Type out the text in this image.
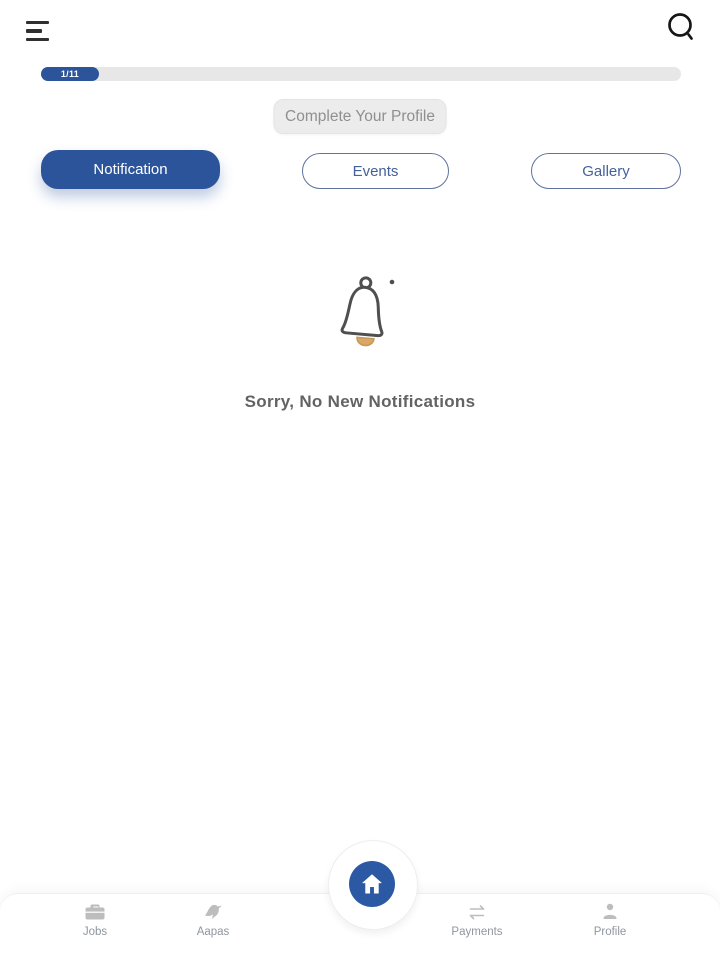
1/11
Complete Your Profile
Notification	Events	Gallery

Sorry, No New Notifications

Jobs	Aapas	Payments	Profile
